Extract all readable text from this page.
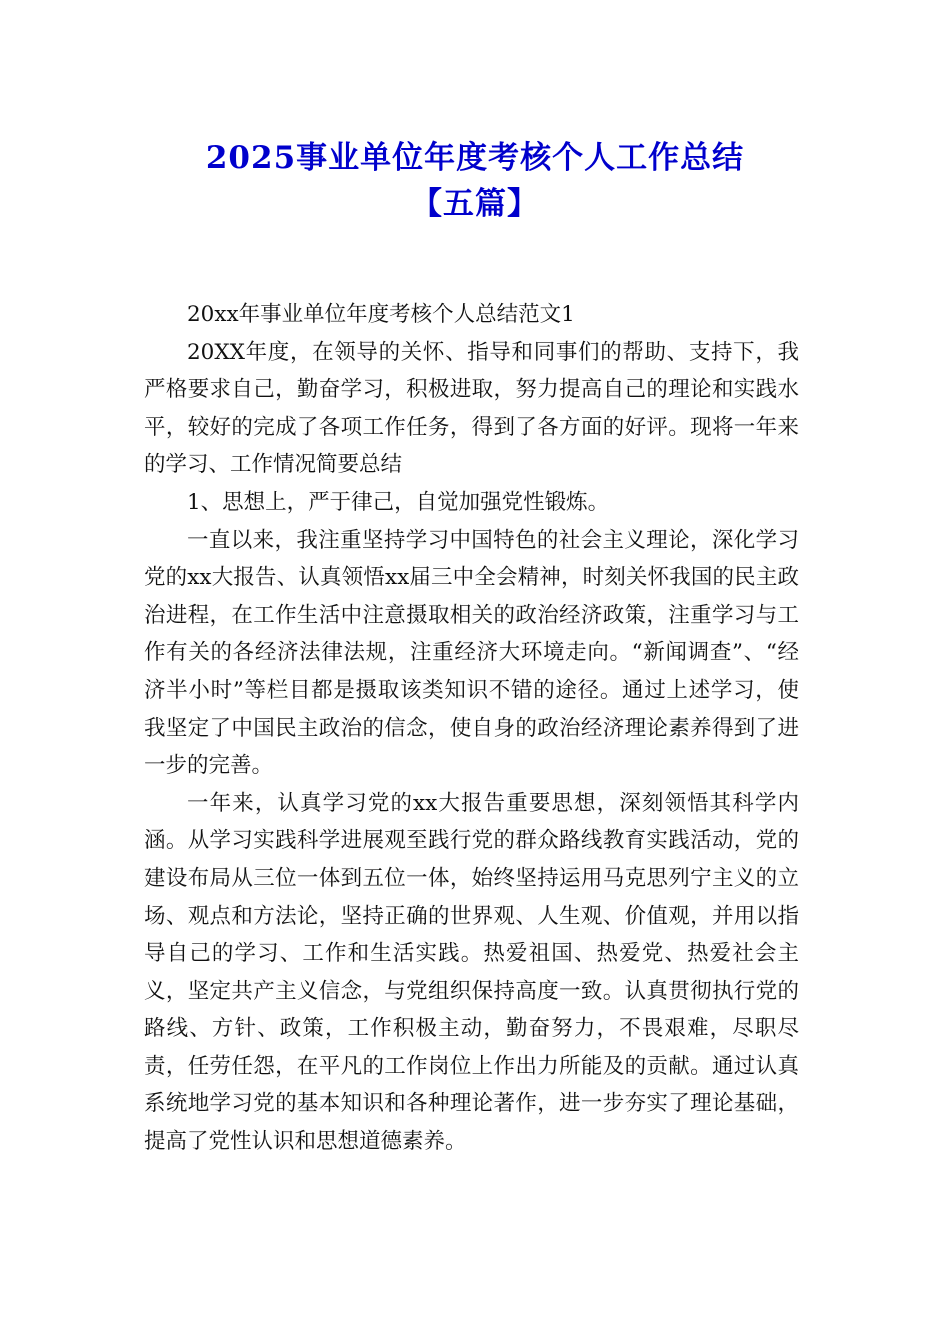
2025事业单位年度考核个人工作总结
【五篇】

20xx年事业单位年度考核个人总结范文1

20XX年度，在领导的关怀、指导和同事们的帮助、支持下，我严格要求自己，勤奋学习，积极进取，努力提高自己的理论和实践水平，较好的完成了各项工作任务，得到了各方面的好评。现将一年来的学习、工作情况简要总结

1、思想上，严于律己，自觉加强党性锻炼。

一直以来，我注重坚持学习中国特色的社会主义理论，深化学习党的xx大报告、认真领悟xx届三中全会精神，时刻关怀我国的民主政治进程，在工作生活中注意摄取相关的政治经济政策，注重学习与工作有关的各经济法律法规，注重经济大环境走向。“新闻调查”、“经济半小时”等栏目都是摄取该类知识不错的途径。通过上述学习，使我坚定了中国民主政治的信念，使自身的政治经济理论素养得到了进一步的完善。

一年来，认真学习党的xx大报告重要思想，深刻领悟其科学内涵。从学习实践科学进展观至践行党的群众路线教育实践活动，党的建设布局从三位一体到五位一体，始终坚持运用马克思列宁主义的立场、观点和方法论，坚持正确的世界观、人生观、价值观，并用以指导自己的学习、工作和生活实践。热爱祖国、热爱党、热爱社会主义，坚定共产主义信念，与党组织保持高度一致。认真贯彻执行党的路线、方针、政策，工作积极主动，勤奋努力，不畏艰难，尽职尽责，任劳任怨，在平凡的工作岗位上作出力所能及的贡献。通过认真系统地学习党的基本知识和各种理论著作，进一步夯实了理论基础，提高了党性认识和思想道德素养。
